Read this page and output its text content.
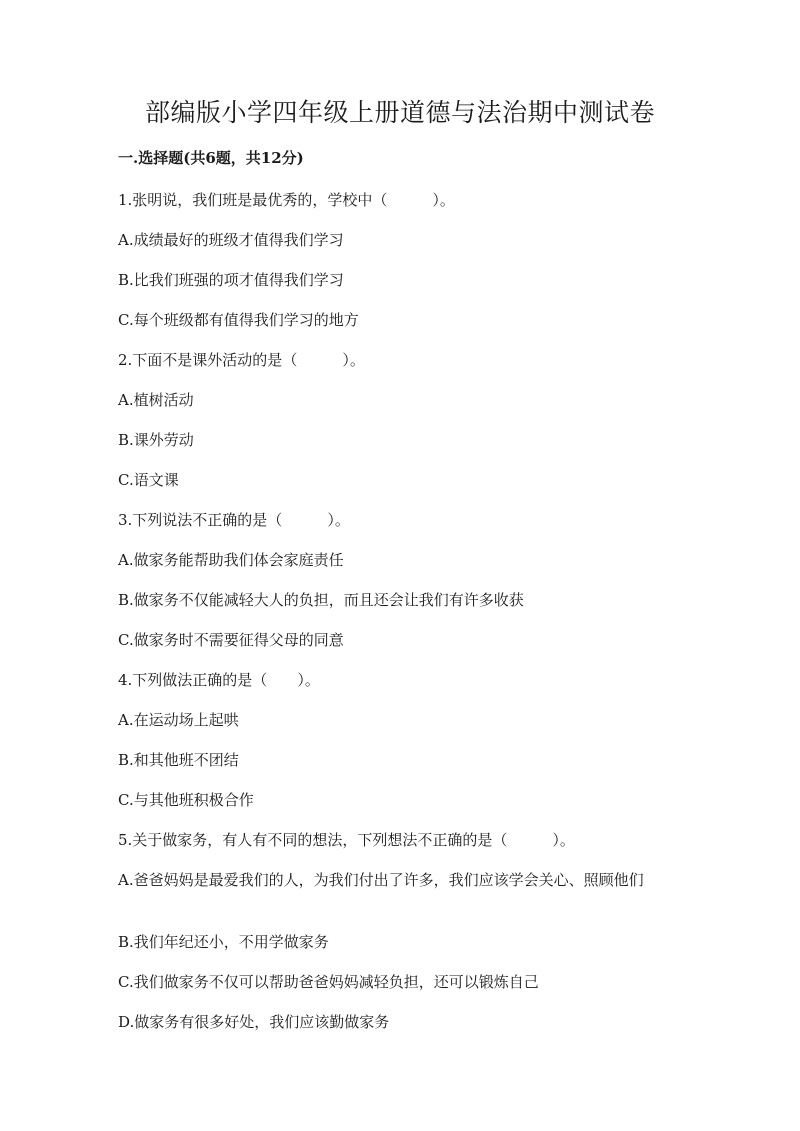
部编版小学四年级上册道德与法治期中测试卷
一.选择题(共6题，共12分)

1.张明说，我们班是最优秀的，学校中（　　　）。

A.成绩最好的班级才值得我们学习

B.比我们班强的项才值得我们学习

C.每个班级都有值得我们学习的地方

2.下面不是课外活动的是（　　　）。

A.植树活动

B.课外劳动

C.语文课

3.下列说法不正确的是（　　　）。

A.做家务能帮助我们体会家庭责任

B.做家务不仅能减轻大人的负担，而且还会让我们有许多收获

C.做家务时不需要征得父母的同意

4.下列做法正确的是（　　）。

A.在运动场上起哄

B.和其他班不团结

C.与其他班积极合作

5.关于做家务，有人有不同的想法，下列想法不正确的是（　　　）。

A.爸爸妈妈是最爱我们的人，为我们付出了许多，我们应该学会关心、照顾他们

B.我们年纪还小，不用学做家务

C.我们做家务不仅可以帮助爸爸妈妈减轻负担，还可以锻炼自己

D.做家务有很多好处，我们应该勤做家务
